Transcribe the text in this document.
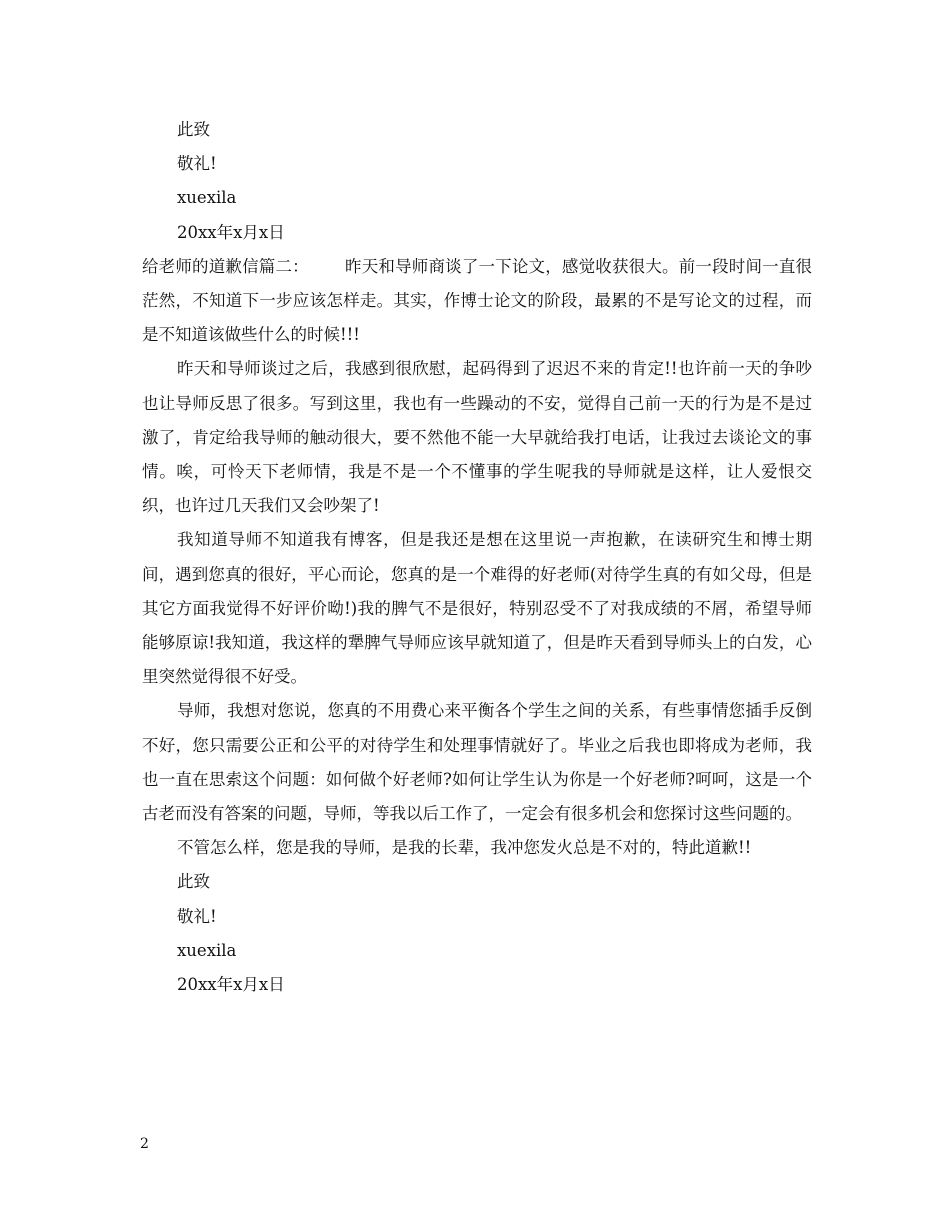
此致

敬礼!

xuexila

20xx年x月x日

给老师的道歉信篇二： 昨天和导师商谈了一下论文，感觉收获很大。前一段时间一直很茫然，不知道下一步应该怎样走。其实，作博士论文的阶段，最累的不是写论文的过程，而是不知道该做些什么的时候!!!

昨天和导师谈过之后，我感到很欣慰，起码得到了迟迟不来的肯定!!也许前一天的争吵也让导师反思了很多。写到这里，我也有一些躁动的不安，觉得自己前一天的行为是不是过激了，肯定给我导师的触动很大，要不然他不能一大早就给我打电话，让我过去谈论文的事情。唉，可怜天下老师情，我是不是一个不懂事的学生呢我的导师就是这样，让人爱恨交织，也许过几天我们又会吵架了!

我知道导师不知道我有博客，但是我还是想在这里说一声抱歉，在读研究生和博士期间，遇到您真的很好，平心而论，您真的是一个难得的好老师(对待学生真的有如父母，但是其它方面我觉得不好评价呦!)我的脾气不是很好，特别忍受不了对我成绩的不屑，希望导师能够原谅!我知道，我这样的犟脾气导师应该早就知道了，但是昨天看到导师头上的白发，心里突然觉得很不好受。

导师，我想对您说，您真的不用费心来平衡各个学生之间的关系，有些事情您插手反倒不好，您只需要公正和公平的对待学生和处理事情就好了。毕业之后我也即将成为老师，我也一直在思索这个问题：如何做个好老师?如何让学生认为你是一个好老师?呵呵，这是一个古老而没有答案的问题，导师，等我以后工作了，一定会有很多机会和您探讨这些问题的。

不管怎么样，您是我的导师，是我的长辈，我冲您发火总是不对的，特此道歉!!

此致

敬礼!

xuexila

20xx年x月x日

2
